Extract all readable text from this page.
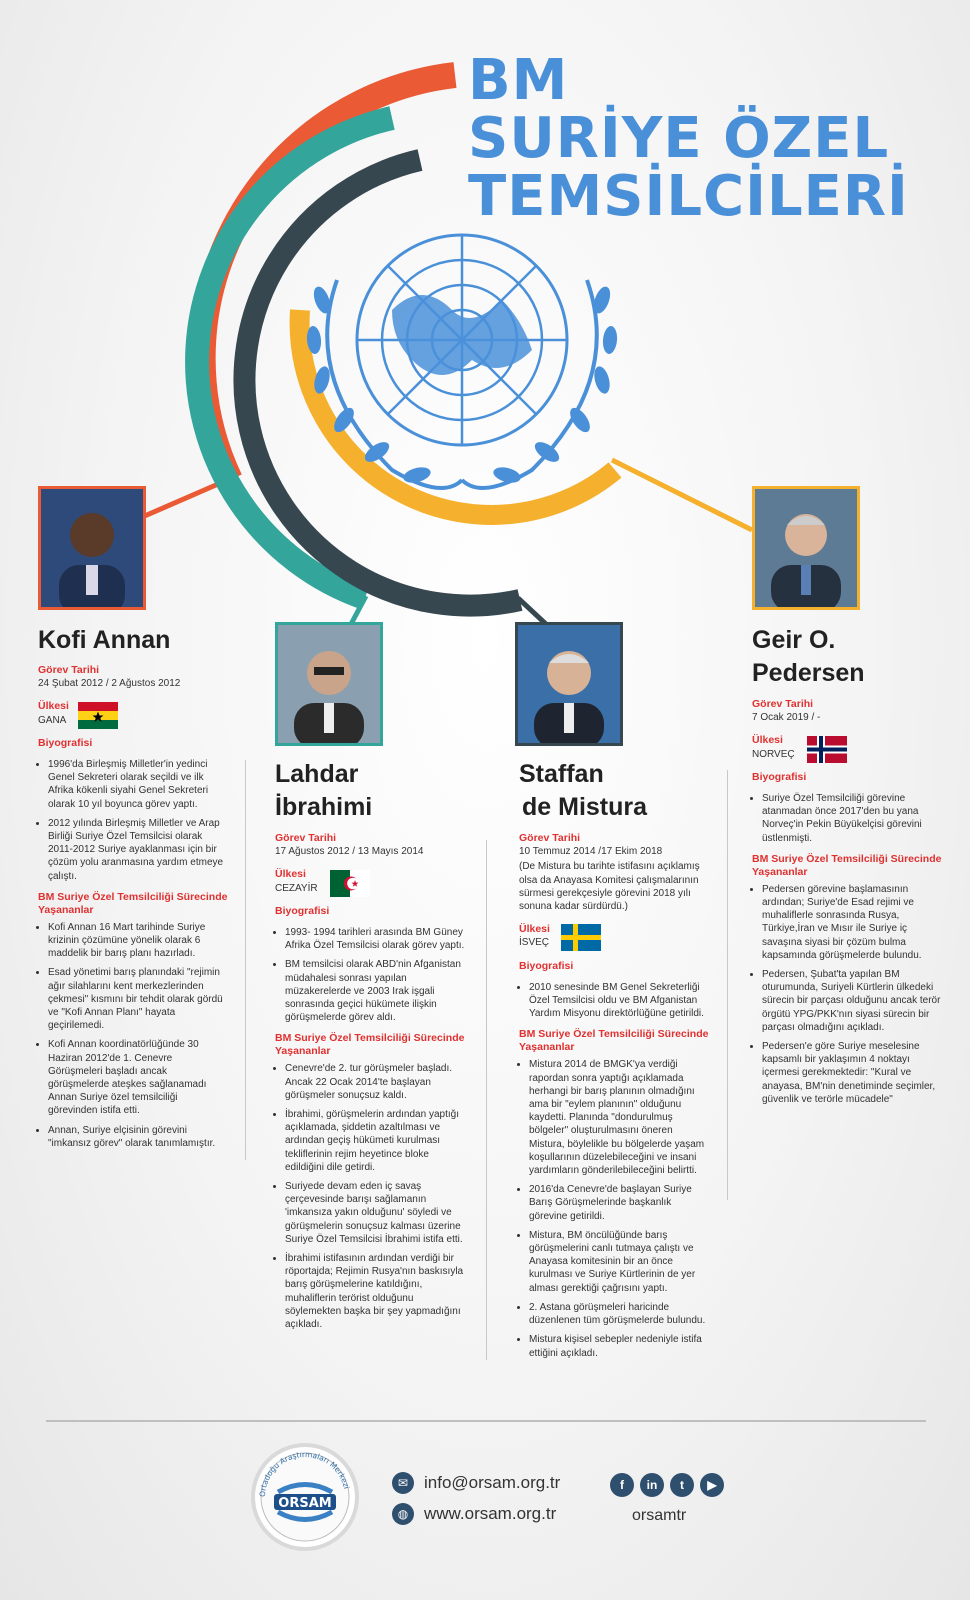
BM
SURİYE ÖZEL
TEMSİLCİLERİ
Kofi Annan
Görev Tarihi
24 Şubat 2012 / 2 Ağustos 2012
Ülkesi
GANA
Biyografisi
• 1996'da Birleşmiş Milletler'in yedinci Genel Sekreteri olarak seçildi ve ilk Afrika kökenli siyahi Genel Sekreteri olarak 10 yıl boyunca görev yaptı.
• 2012 yılında Birleşmiş Milletler ve Arap Birliği Suriye Özel Temsilcisi olarak 2011-2012 Suriye ayaklanması için bir çözüm yolu aranmasına yardım etmeye çalıştı.
BM Suriye Özel Temsilciliği Sürecinde Yaşananlar
• Kofi Annan 16 Mart tarihinde Suriye krizinin çözümüne yönelik olarak 6 maddelik bir barış planı hazırladı.
• Esad yönetimi barış planındaki "rejimin ağır silahlarını kent merkezlerinden çekmesi" kısmını bir tehdit olarak gördü ve "Kofi Annan Planı" hayata geçirilemedi.
• Kofi Annan koordinatörlüğünde 30 Haziran 2012'de 1. Cenevre Görüşmeleri başladı ancak görüşmelerde ateşkes sağlanamadı Annan Suriye özel temsilciliği görevinden istifa etti.
• Annan, Suriye elçisinin görevini "imkansız görev" olarak tanımlamıştır.
Lahdar
İbrahimi
Görev Tarihi
17 Ağustos 2012 / 13 Mayıs 2014
Ülkesi
CEZAYİR
Biyografisi
• 1993- 1994 tarihleri arasında BM Güney Afrika Özel Temsilcisi olarak görev yaptı.
• BM temsilcisi olarak ABD'nin Afganistan müdahalesi sonrası yapılan müzakerelerde ve 2003 Irak işgali sonrasında geçici hükümete ilişkin görüşmelerde görev aldı.
BM Suriye Özel Temsilciliği Sürecinde Yaşananlar
• Cenevre'de 2. tur görüşmeler başladı. Ancak 22 Ocak 2014'te başlayan görüşmeler sonuçsuz kaldı.
• İbrahimi, görüşmelerin ardından yaptığı açıklamada, şiddetin azaltılması ve ardından geçiş hükümeti kurulması tekliflerinin rejim heyetince bloke edildiğini dile getirdi.
• Suriyede devam eden iç savaş çerçevesinde barışı sağlamanın 'imkansıza yakın olduğunu' söyledi ve görüşmelerin sonuçsuz kalması üzerine Suriye Özel Temsilcisi İbrahimi istifa etti.
• İbrahimi istifasının ardından verdiği bir röportajda; Rejimin Rusya'nın baskısıyla barış görüşmelerine katıldığını, muhaliflerin terörist olduğunu söylemekten başka bir şey yapmadığını açıkladı.
Staffan
de Mistura
Görev Tarihi
10 Temmuz 2014 /17 Ekim 2018
(De Mistura bu tarihte istifasını açıklamış olsa da Anayasa Komitesi çalışmalarının sürmesi gerekçesiyle görevini 2018 yılı sonuna kadar sürdürdü.)
Ülkesi
İSVEÇ
Biyografisi
• 2010 senesinde BM Genel Sekreterliği Özel Temsilcisi oldu ve BM Afganistan Yardım Misyonu direktörlüğüne getirildi.
BM Suriye Özel Temsilciliği Sürecinde Yaşananlar
• Mistura 2014 de BMGK'ya verdiği rapordan sonra yaptığı açıklamada herhangi bir barış planının olmadığını ama bir "eylem planının" olduğunu kaydetti. Planında "dondurulmuş bölgeler" oluşturulmasını öneren Mistura, böylelikle bu bölgelerde yaşam koşullarının düzelebileceğini ve insani yardımların gönderilebileceğini belirtti.
• 2016'da Cenevre'de başlayan Suriye Barış Görüşmelerinde başkanlık görevine getirildi.
• Mistura, BM öncülüğünde barış görüşmelerini canlı tutmaya çalıştı ve Anayasa komitesinin bir an önce kurulması ve Suriye Kürtlerinin de yer alması gerektiği çağrısını yaptı.
• 2. Astana görüşmeleri haricinde düzenlenen tüm görüşmelerde bulundu.
• Mistura kişisel sebepler nedeniyle istifa ettiğini açıkladı.
Geir O.
Pedersen
Görev Tarihi
7 Ocak 2019 / -
Ülkesi
NORVEÇ
Biyografisi
• Suriye Özel Temsilciliği görevine atanmadan önce 2017'den bu yana Norveç'in Pekin Büyükelçisi görevini üstlenmişti.
BM Suriye Özel Temsilciliği Sürecinde Yaşananlar
• Pedersen görevine başlamasının ardından; Suriye'de Esad rejimi ve muhaliflerle sonrasında Rusya, Türkiye,İran ve Mısır ile Suriye iç savaşına siyasi bir çözüm bulma kapsamında görüşmelerde bulundu.
• Pedersen, Şubat'ta yapılan BM oturumunda, Suriyeli Kürtlerin ülkedeki sürecin bir parçası olduğunu ancak terör örgütü YPG/PKK'nın siyasi sürecin bir parçası olmadığını açıkladı.
• Pedersen'e göre Suriye meselesine kapsamlı bir yaklaşımın 4 noktayı içermesi gerekmektedir: "Kural ve anayasa, BM'nin denetiminde seçimler, güvenlik ve terörle mücadele"
Ortadoğu Araştırmaları Merkezi
ORSAM
✉ info@orsam.org.tr
◍ www.orsam.org.tr
f	in	t	▶
orsamtr
